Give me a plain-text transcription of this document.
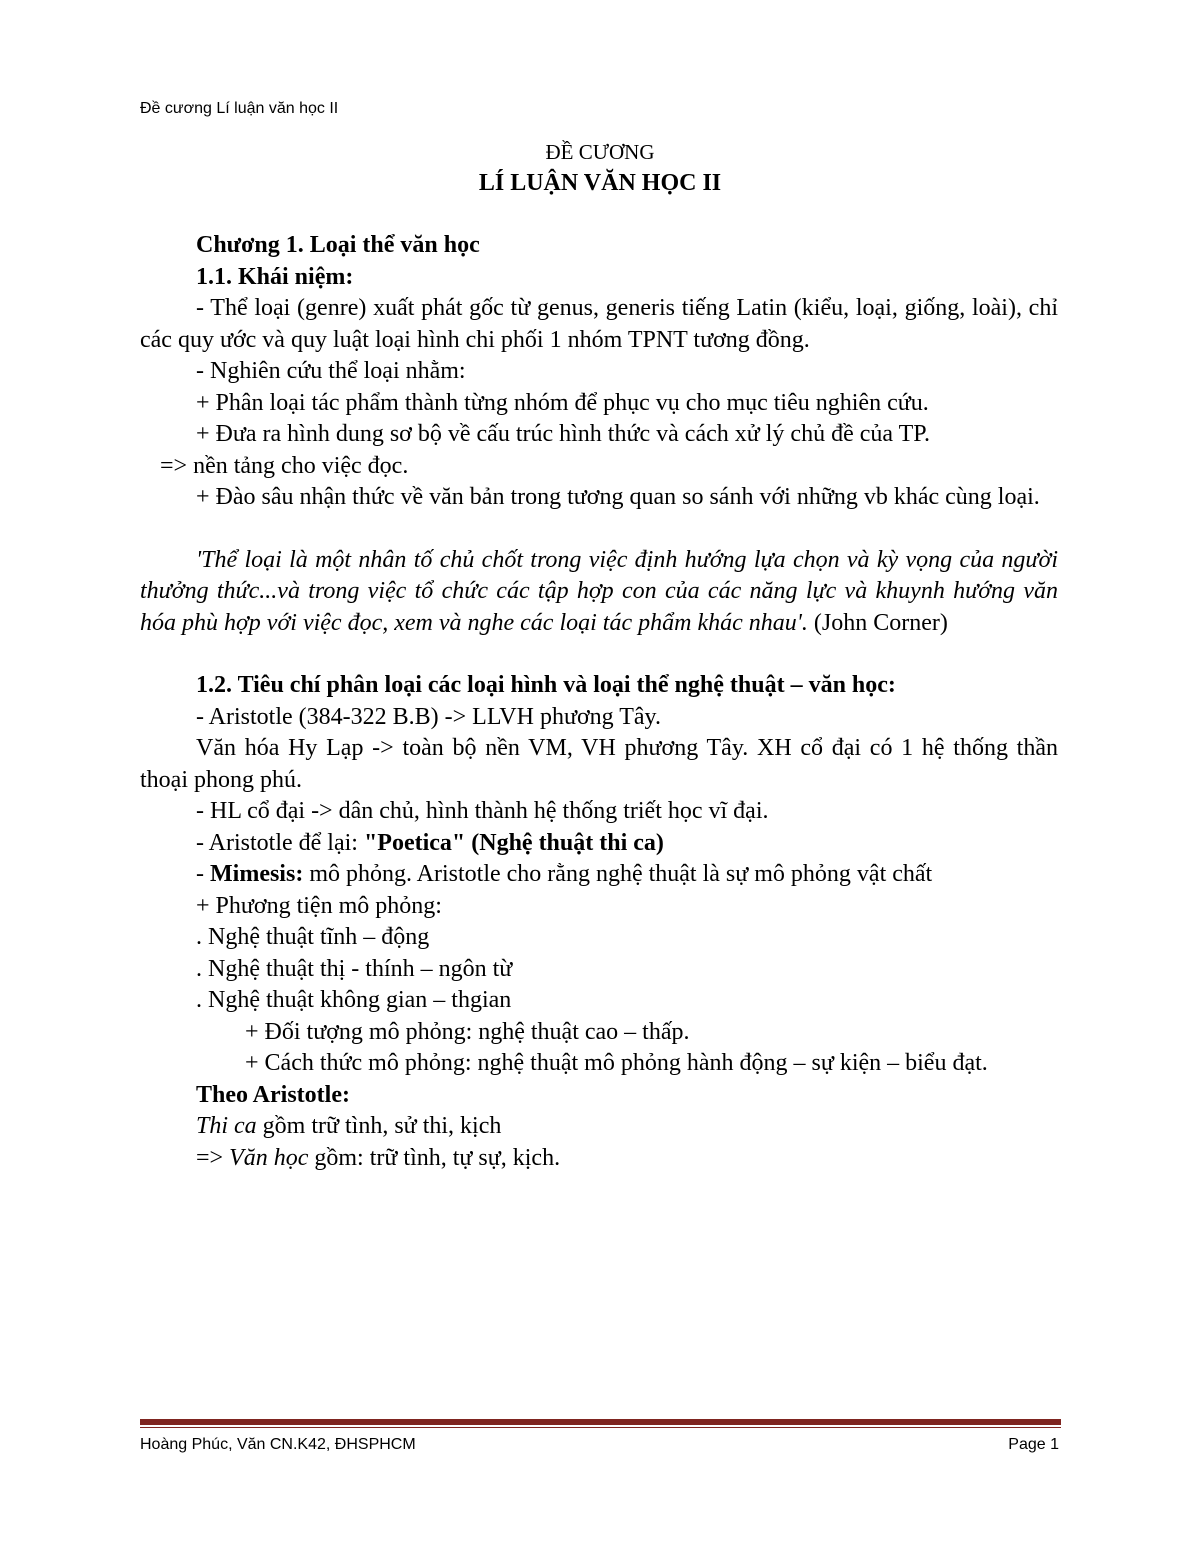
Đề cương Lí luận văn học II
ĐỀ CƯƠNG
LÍ LUẬN VĂN HỌC II

Chương 1. Loại thể văn học

1.1. Khái niệm:

- Thể loại (genre) xuất phát gốc từ genus, generis tiếng Latin (kiểu, loại, giống, loài), chỉ các quy ước và quy luật loại hình chi phối 1 nhóm TPNT tương đồng.

- Nghiên cứu thể loại nhằm:

+ Phân loại tác phẩm thành từng nhóm để phục vụ cho mục tiêu nghiên cứu.

+ Đưa ra hình dung sơ bộ về cấu trúc hình thức và cách xử lý chủ đề của TP.

=> nền tảng cho việc đọc.

+ Đào sâu nhận thức về văn bản trong tương quan so sánh với những vb khác cùng loại.

'Thể loại là một nhân tố chủ chốt trong việc định hướng lựa chọn và kỳ vọng của người thưởng thức...và trong việc tổ chức các tập hợp con của các năng lực và khuynh hướng văn hóa phù hợp với việc đọc, xem và nghe các loại tác phẩm khác nhau'. (John Corner)

1.2. Tiêu chí phân loại các loại hình và loại thể nghệ thuật – văn học:

- Aristotle (384-322 B.B) -> LLVH phương Tây.

Văn hóa Hy Lạp -> toàn bộ nền VM, VH phương Tây. XH cổ đại có 1 hệ thống thần thoại phong phú.

- HL cổ đại -> dân chủ, hình thành hệ thống triết học vĩ đại.

- Aristotle để lại: "Poetica" (Nghệ thuật thi ca)

- Mimesis: mô phỏng. Aristotle cho rằng nghệ thuật là sự mô phỏng vật chất

+ Phương tiện mô phỏng:

. Nghệ thuật tĩnh – động

. Nghệ thuật thị - thính – ngôn từ

. Nghệ thuật không gian – thgian

+ Đối tượng mô phỏng: nghệ thuật cao – thấp.

+ Cách thức mô phỏng: nghệ thuật mô phỏng hành động – sự kiện – biểu đạt.

Theo Aristotle:

Thi ca gồm trữ tình, sử thi, kịch

=> Văn học gồm: trữ tình, tự sự, kịch.

Hoàng Phúc, Văn CN.K42, ĐHSPHCM	Page 1
